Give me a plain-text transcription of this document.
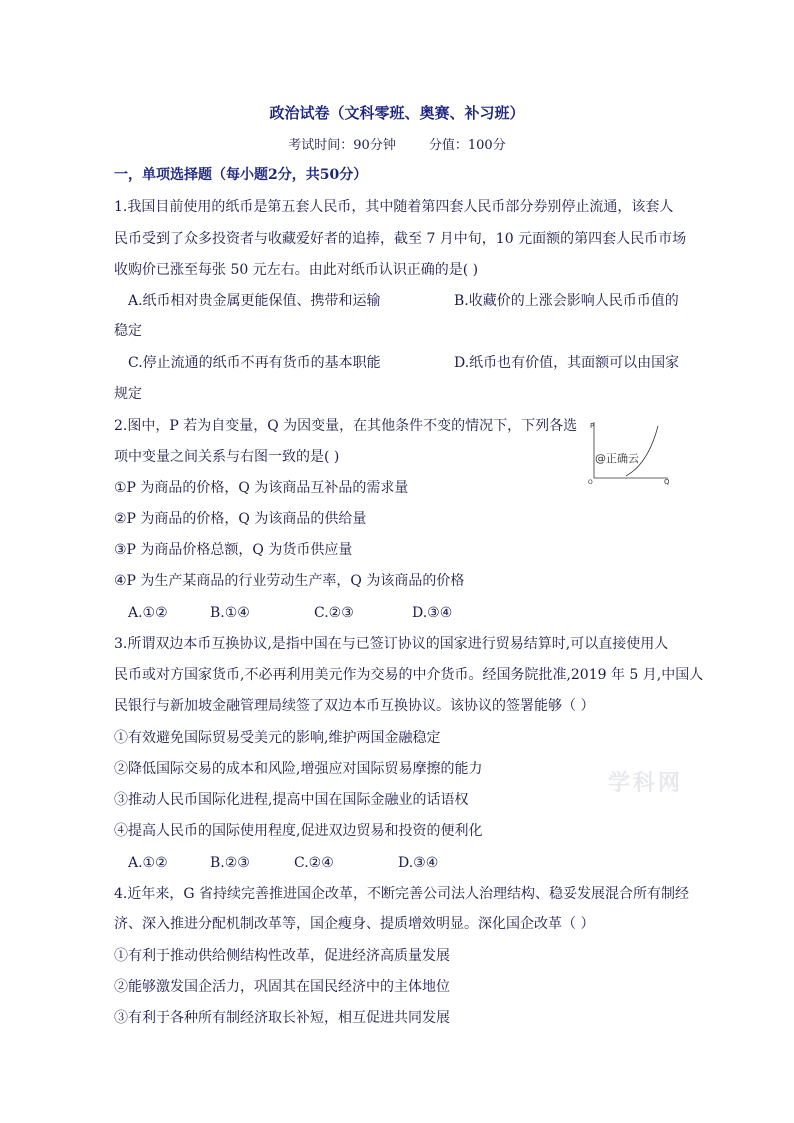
政治试卷（文科零班、奥赛、补习班）
考试时间：90分钟        分值：100分
一，单项选择题（每小题2分，共50分）
1.我国目前使用的纸币是第五套人民币，其中随着第四套人民币部分券别停止流通，该套人
民币受到了众多投资者与收藏爱好者的追捧，截至 7 月中旬，10 元面额的第四套人民币市场
收购价已涨至每张 50 元左右。由此对纸币认识正确的是( )
A.纸币相对贵金属更能保值、携带和运输	B.收藏价的上涨会影响人民币币值的
稳定
C.停止流通的纸币不再有货币的基本职能	D.纸币也有价值，其面额可以由国家
规定
2.图中，P 若为自变量，Q 为因变量，在其他条件不变的情况下，下列各选
项中变量之间关系与右图一致的是( )
①P 为商品的价格，Q 为该商品互补品的需求量
②P 为商品的价格，Q 为该商品的供给量
③P 为商品价格总额，Q 为货币供应量
④P 为生产某商品的行业劳动生产率，Q 为该商品的价格
A.①②	B.①④	C.②③	D.③④
P
Q
O
@正确云
3.所谓双边本币互换协议,是指中国在与已签订协议的国家进行贸易结算时,可以直接使用人
民币或对方国家货币,不必再利用美元作为交易的中介货币。经国务院批准,2019 年 5 月,中国人
民银行与新加坡金融管理局续签了双边本币互换协议。该协议的签署能够（ ）
①有效避免国际贸易受美元的影响,维护两国金融稳定
②降低国际交易的成本和风险,增强应对国际贸易摩擦的能力
③推动人民币国际化进程,提高中国在国际金融业的话语权
④提高人民币的国际使用程度,促进双边贸易和投资的便利化
A.①②	B.②③	C.②④	D.③④
4.近年来，G 省持续完善推进国企改革，不断完善公司法人治理结构、稳妥发展混合所有制经
济、深入推进分配机制改革等，国企瘦身、提质增效明显。深化国企改革（ ）
①有利于推动供给侧结构性改革，促进经济高质量发展
②能够激发国企活力，巩固其在国民经济中的主体地位
③有利于各种所有制经济取长补短，相互促进共同发展
学科网
